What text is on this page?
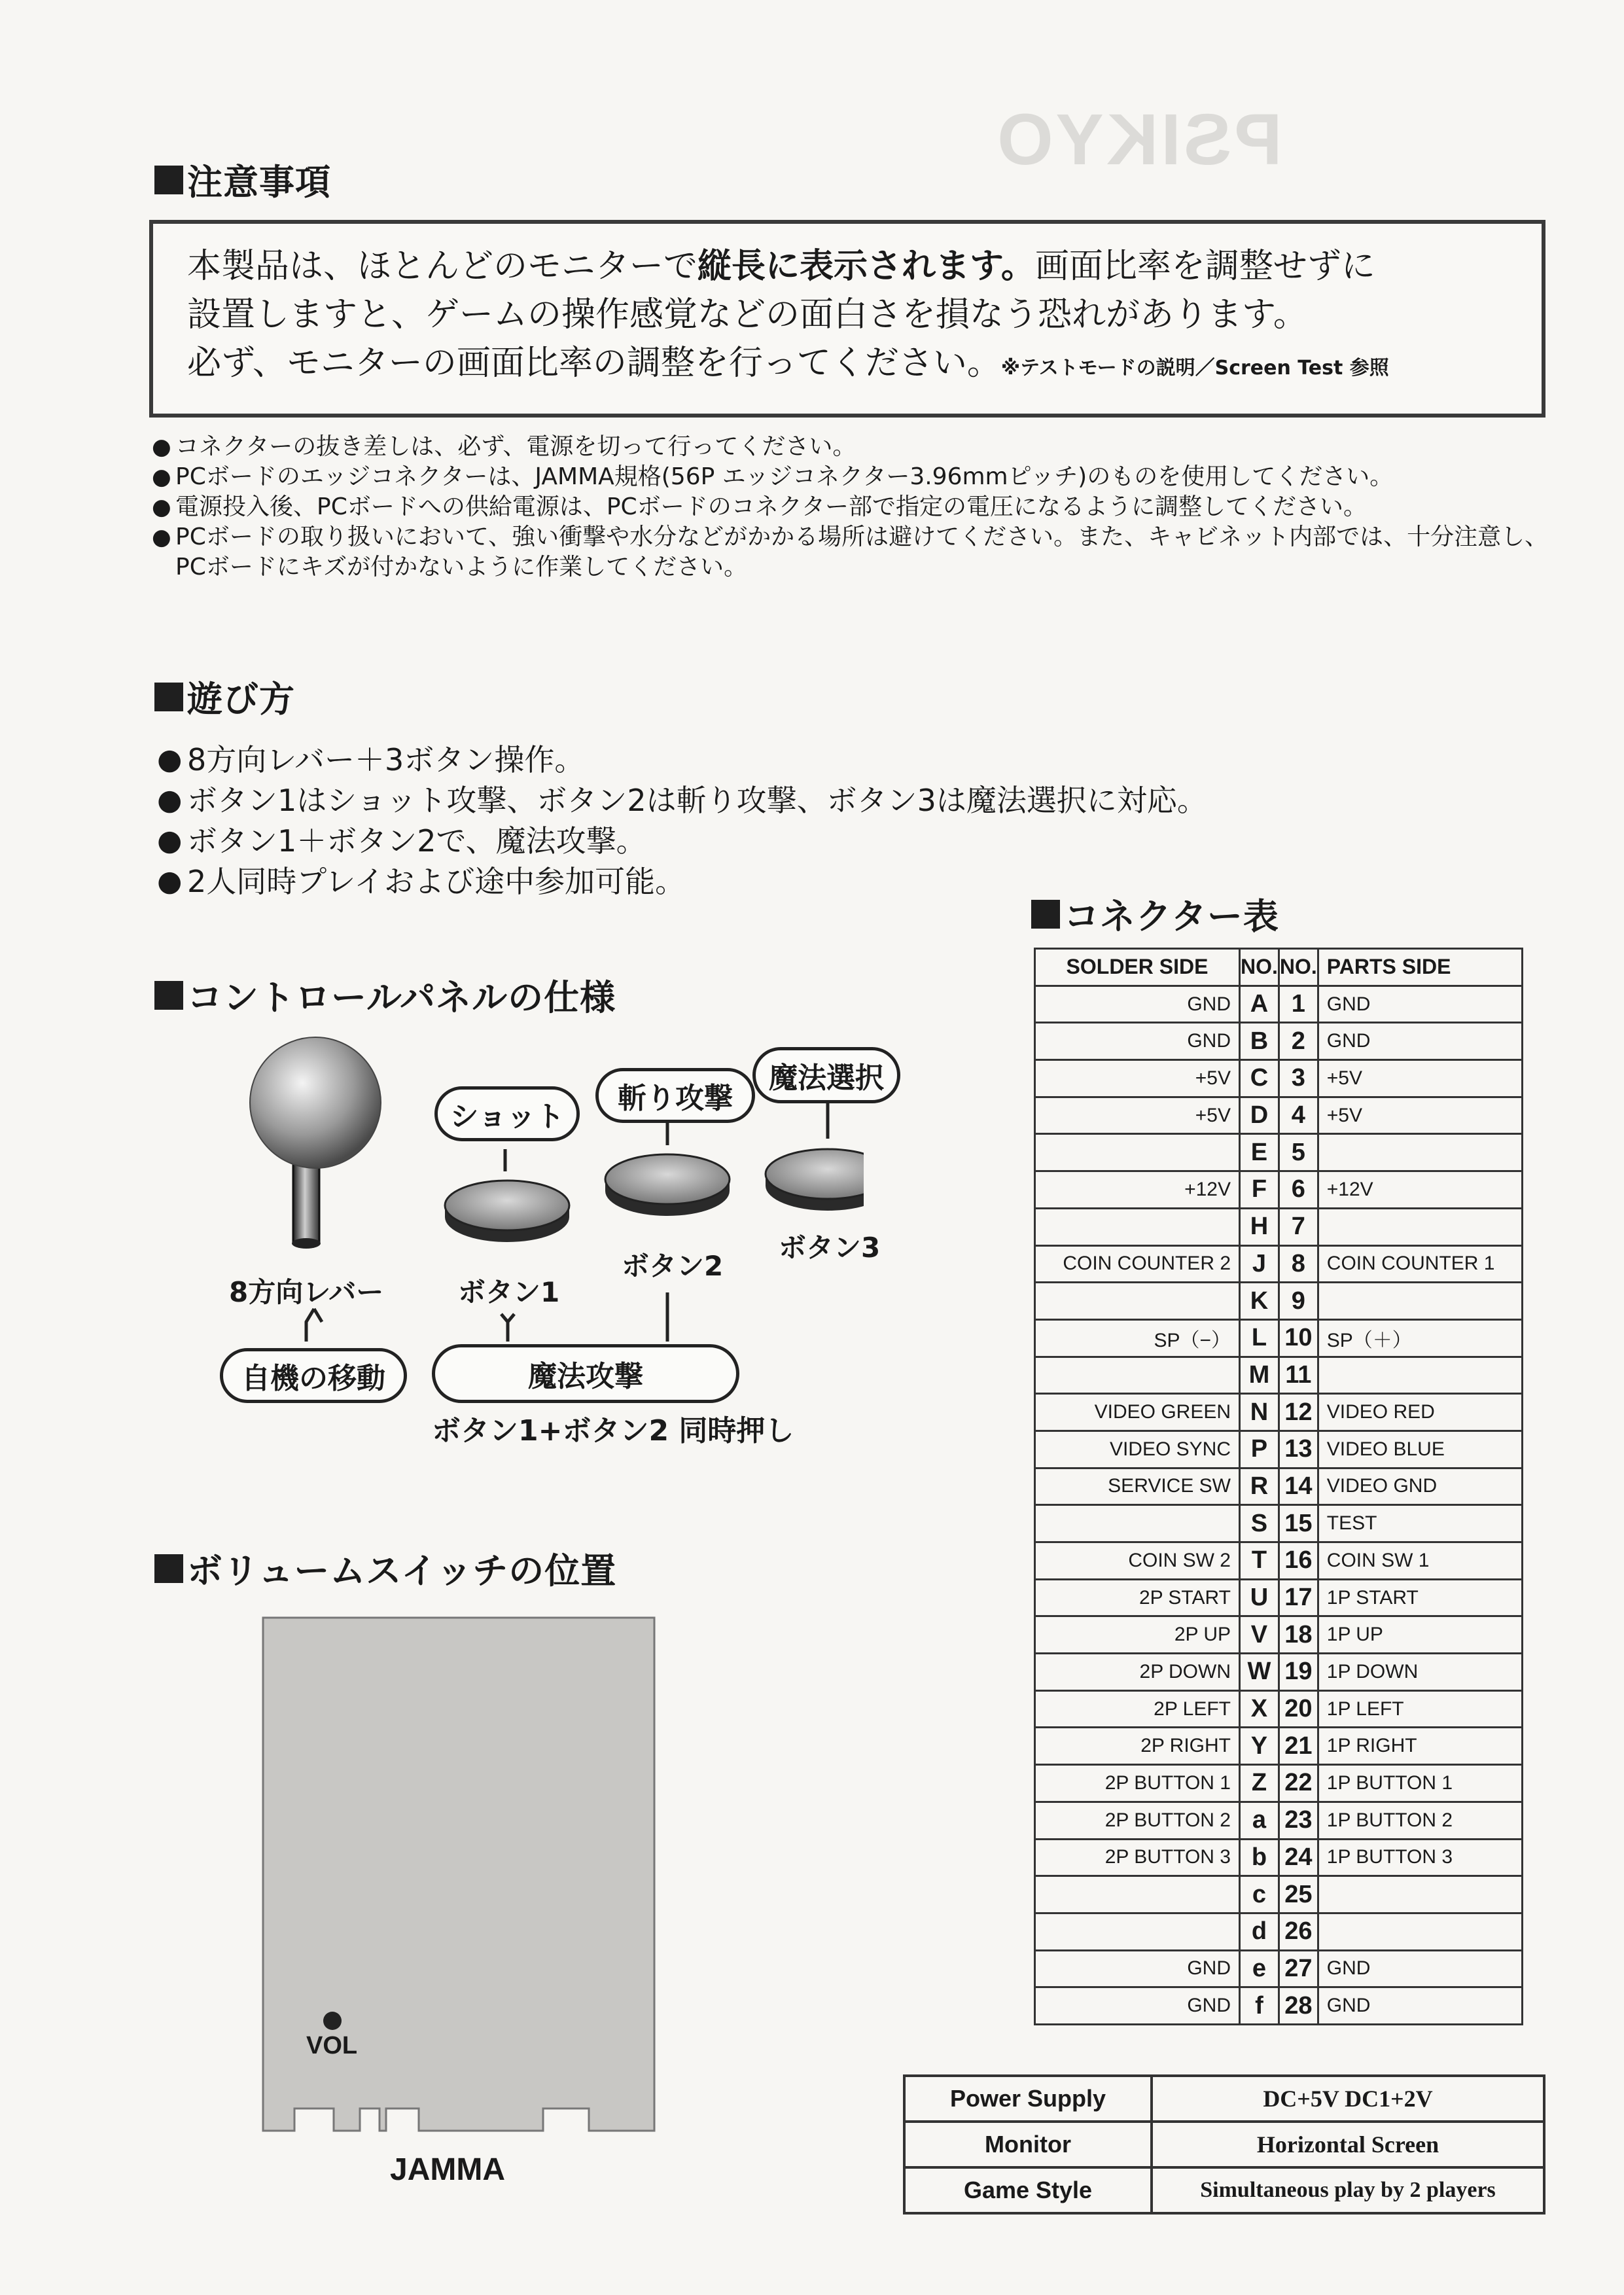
PSIKYO
注意事項
本製品は、ほとんどのモニターで縦長に表示されます。画面比率を調整せずに
設置しますと、ゲームの操作感覚などの面白さを損なう恐れがあります。
必ず、モニターの画面比率の調整を行ってください。※テストモードの説明／Screen Test 参照
● コネクターの抜き差しは、必ず、電源を切って行ってください。
● PCボードのエッジコネクターは、JAMMA規格(56P エッジコネクター3.96mmピッチ)のものを使用してください。
● 電源投入後、PCボードへの供給電源は、PCボードのコネクター部で指定の電圧になるように調整してください。
● PCボードの取り扱いにおいて、強い衝撃や水分などがかかる場所は避けてください。また、キャビネット内部では、十分注意し、PCボードにキズが付かないように作業してください。
遊び方
● 8方向レバー＋3ボタン操作。
● ボタン1はショット攻撃、ボタン2は斬り攻撃、ボタン3は魔法選択に対応。
● ボタン1＋ボタン2で、魔法攻撃。
● 2人同時プレイおよび途中参加可能。
コントロールパネルの仕様
ショット
斬り攻撃
魔法選択
8方向レバー	ボタン1
ボタン2
ボタン3
自機の移動	魔法攻撃
ボタン1+ボタン2 同時押し
ボリュームスイッチの位置
VOL
JAMMA
コネクター表
SOLDER SIDE	NO.	NO.	PARTS SIDE
GND	A	1	GND
GND	B	2	GND
+5V	C	3	+5V
+5V	D	4	+5V
	E	5	
+12V	F	6	+12V
	H	7	
COIN COUNTER 2	J	8	COIN COUNTER 1
	K	9	
SP（−）	L	10	SP（＋）
	M	11	
VIDEO GREEN	N	12	VIDEO RED
VIDEO SYNC	P	13	VIDEO BLUE
SERVICE SW	R	14	VIDEO GND
	S	15	TEST
COIN SW 2	T	16	COIN SW 1
2P START	U	17	1P START
2P UP	V	18	1P UP
2P DOWN	W	19	1P DOWN
2P LEFT	X	20	1P LEFT
2P RIGHT	Y	21	1P RIGHT
2P BUTTON 1	Z	22	1P BUTTON 1
2P BUTTON 2	a	23	1P BUTTON 2
2P BUTTON 3	b	24	1P BUTTON 3
	c	25	
	d	26	
GND	e	27	GND
GND	f	28	GND
Power Supply	DC+5V DC1+2V
Monitor	Horizontal Screen
Game Style	Simultaneous play by 2 players
